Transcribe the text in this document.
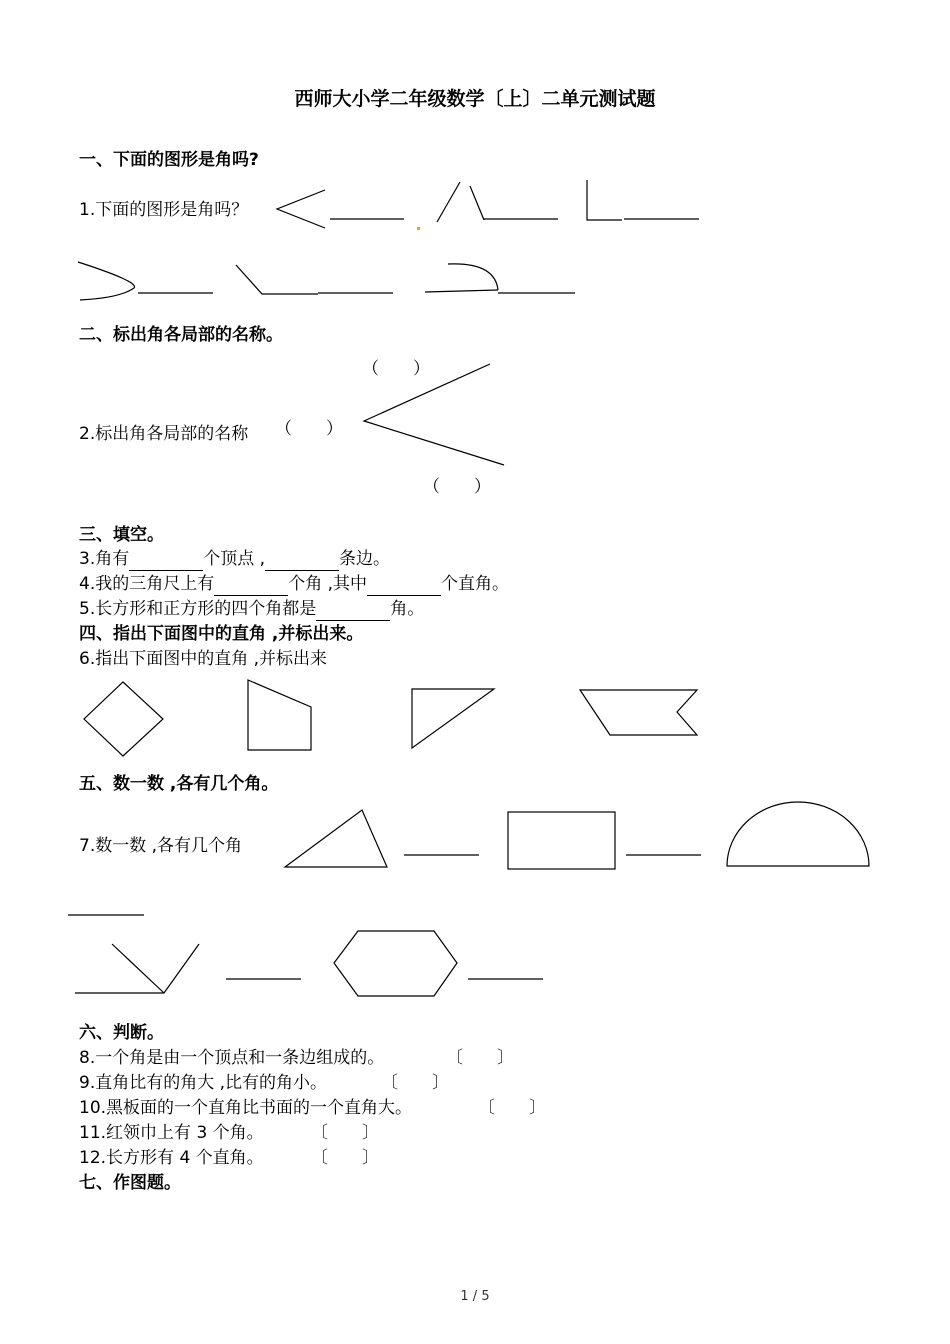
西师大小学二年级数学〔上〕二单元测试题
一、下面的图形是角吗?
1.下面的图形是角吗？
二、标出角各局部的名称。
2.标出角各局部的名称
（　　）
（　　）
（　　）
三、填空。
3.角有	个顶点 ,	条边。
4.我的三角尺上有	个角 ,其中	个直角。
5.长方形和正方形的四个角都是	角。
四、指出下面图中的直角 ,并标出来。
6.指出下面图中的直角 ,并标出来
五、数一数 ,各有几个角。
7.数一数 ,各有几个角
六、判断。
8.一个角是由一个顶点和一条边组成的。	〔　　〕
9.直角比有的角大 ,比有的角小。	〔　　〕
10.黑板面的一个直角比书面的一个直角大。	〔　　〕
11.红领巾上有 3 个角。	〔　　〕
12.长方形有 4 个直角。	〔　　〕
七、作图题。
1 / 5
